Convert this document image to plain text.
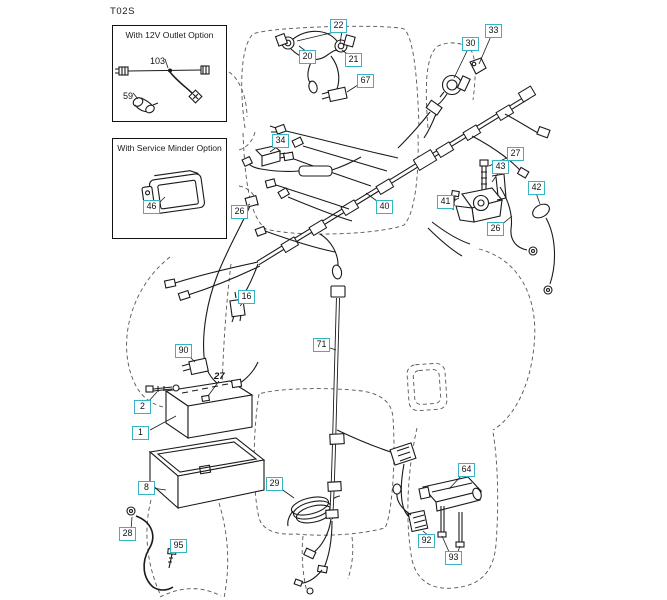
T02S
With 12V Outlet Option
With Service Minder Option
22
20	21
67
30
33
27
43
41
42
26
34
26	40
16
90
2
1
8
28
95
29
71
64
92
93
46
103
59
27
